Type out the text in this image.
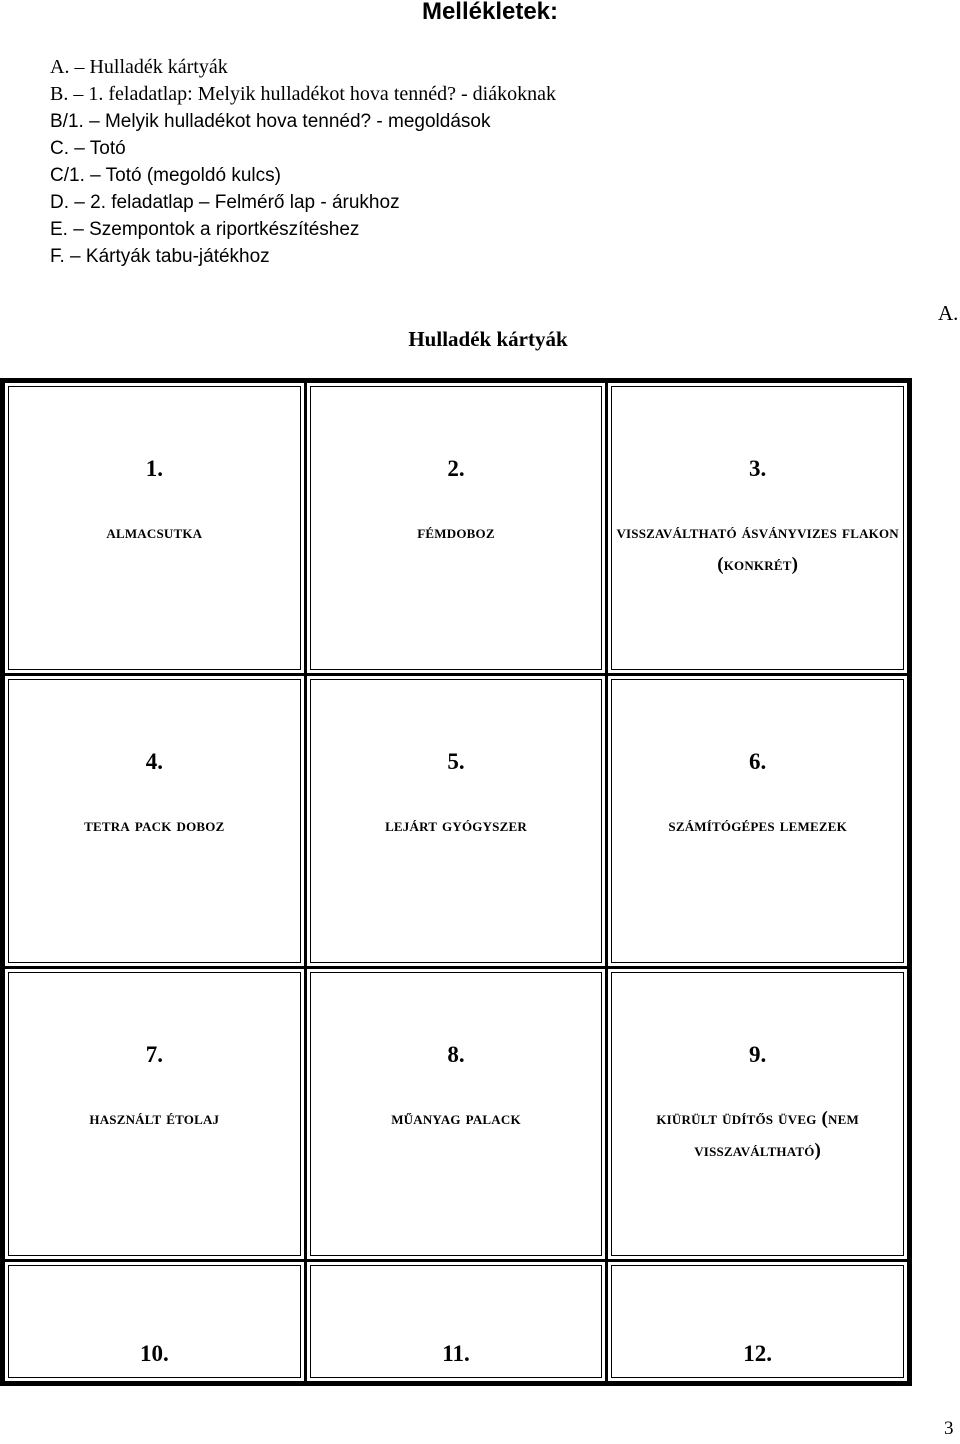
Mellékletek:
A. – Hulladék kártyák
B. – 1. feladatlap: Melyik hulladékot hova tennéd? - diákoknak
B/1. – Melyik hulladékot hova tennéd? - megoldások
C. – Totó
C/1. – Totó (megoldó kulcs)
D. – 2. feladatlap – Felmérő lap - árukhoz
E. – Szempontok a riportkészítéshez
F. – Kártyák tabu-játékhoz
Hulladék kártyák
A.
1.
almacsutka
2.
fémdoboz
3.
visszaváltható ásványvizes flakon (konkrét)
4.
tetra pack doboz
5.
lejárt gyógyszer
6.
számítógépes lemezek
7.
használt étolaj
8.
műanyag palack
9.
kiürült üdítős üveg (nem visszaváltható)
10.	11.	12.
3
